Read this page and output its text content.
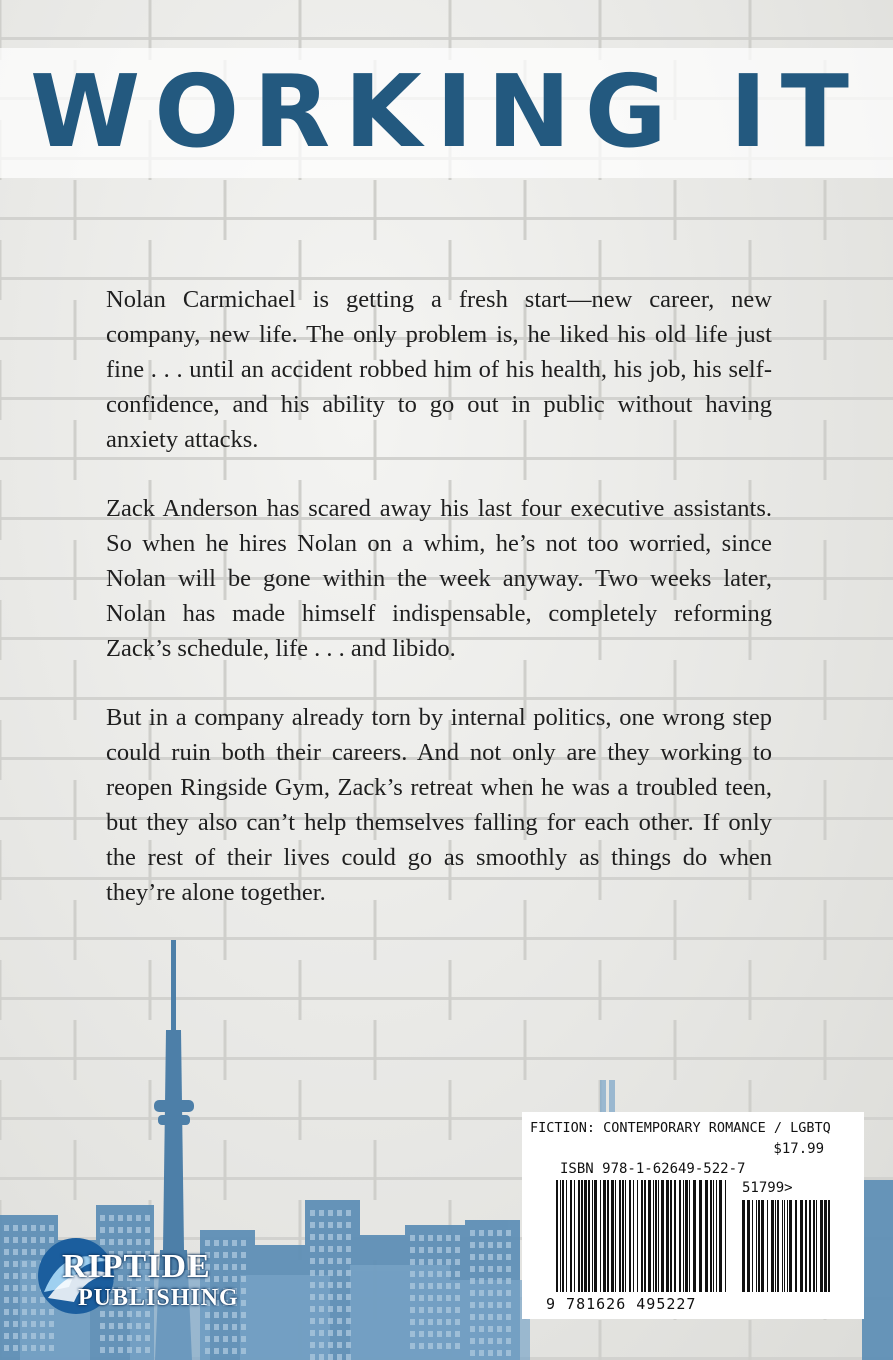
WORKING IT

Nolan Carmichael is getting a fresh start—new career, new company, new life. The only problem is, he liked his old life just fine . . . until an accident robbed him of his health, his job, his self-confidence, and his ability to go out in public without having anxiety attacks.

Zack Anderson has scared away his last four executive assistants. So when he hires Nolan on a whim, he’s not too worried, since Nolan will be gone within the week anyway. Two weeks later, Nolan has made himself indispensable, completely reforming Zack’s schedule, life . . . and libido.

But in a company already torn by internal politics, one wrong step could ruin both their careers. And not only are they working to reopen Ringside Gym, Zack’s retreat when he was a troubled teen, but they also can’t help themselves falling for each other. If only the rest of their lives could go as smoothly as things do when they’re alone together.

RIPTIDE
PUBLISHING
FICTION: CONTEMPORARY ROMANCE / LGBTQ
$17.99
ISBN 978-1-62649-522-7
51799>
9 781626 495227
